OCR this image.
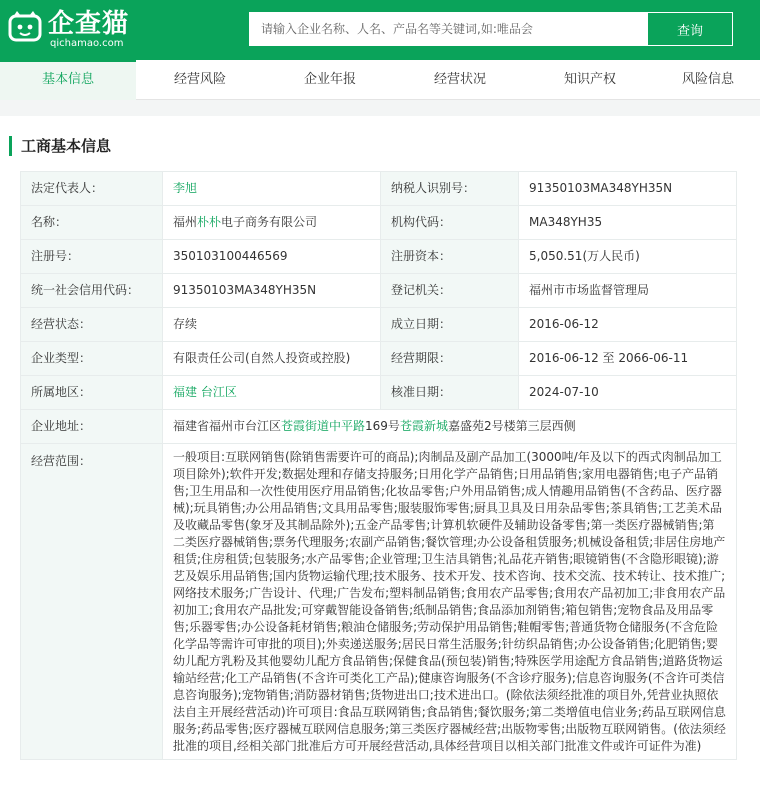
企查猫
qichamao.com
请输入企业名称、人名、产品名等关键词,如:唯品会
查询
基本信息	经营风险	企业年报	经营状况	知识产权	风险信息
工商基本信息
法定代表人：	李旭	纳税人识别号：	91350103MA348YH35N
名称：	福州朴朴电子商务有限公司	机构代码：	MA348YH35
注册号：	350103100446569	注册资本：	5,050.51(万人民币)
统一社会信用代码：	91350103MA348YH35N	登记机关：	福州市市场监督管理局
经营状态：	存续	成立日期：	2016-06-12
企业类型：	有限责任公司(自然人投资或控股)	经营期限：	2016-06-12 至 2066-06-11
所属地区：	福建 台江区	核准日期：	2024-07-10
企业地址：	福建省福州市台江区苍霞街道中平路169号苍霞新城嘉盛苑2号楼第三层西侧		
经营范围：	一般项目:互联网销售(除销售需要许可的商品);肉制品及副产品加工(3000吨/年及以下的西式肉制品加工项目除外);软件开发;数据处理和存储支持服务;日用化学产品销售;日用品销售;家用电器销售;电子产品销售;卫生用品和一次性使用医疗用品销售;化妆品零售;户外用品销售;成人情趣用品销售(不含药品、医疗器械);玩具销售;办公用品销售;文具用品零售;服装服饰零售;厨具卫具及日用杂品零售;茶具销售;工艺美术品及收藏品零售(象牙及其制品除外);五金产品零售;计算机软硬件及辅助设备零售;第一类医疗器械销售;第二类医疗器械销售;票务代理服务;农副产品销售;餐饮管理;办公设备租赁服务;机械设备租赁;非居住房地产租赁;住房租赁;包装服务;水产品零售;企业管理;卫生洁具销售;礼品花卉销售;眼镜销售(不含隐形眼镜);游艺及娱乐用品销售;国内货物运输代理;技术服务、技术开发、技术咨询、技术交流、技术转让、技术推广;网络技术服务;广告设计、代理;广告发布;塑料制品销售;食用农产品零售;食用农产品初加工;非食用农产品初加工;食用农产品批发;可穿戴智能设备销售;纸制品销售;食品添加剂销售;箱包销售;宠物食品及用品零售;乐器零售;办公设备耗材销售;粮油仓储服务;劳动保护用品销售;鞋帽零售;普通货物仓储服务(不含危险化学品等需许可审批的项目);外卖递送服务;居民日常生活服务;针纺织品销售;办公设备销售;化肥销售;婴幼儿配方乳粉及其他婴幼儿配方食品销售;保健食品(预包装)销售;特殊医学用途配方食品销售;道路货物运输站经营;化工产品销售(不含许可类化工产品);健康咨询服务(不含诊疗服务);信息咨询服务(不含许可类信息咨询服务);宠物销售;消防器材销售;货物进出口;技术进出口。(除依法须经批准的项目外,凭营业执照依法自主开展经营活动)许可项目:食品互联网销售;食品销售;餐饮服务;第二类增值电信业务;药品互联网信息服务;药品零售;医疗器械互联网信息服务;第三类医疗器械经营;出版物零售;出版物互联网销售。(依法须经批准的项目,经相关部门批准后方可开展经营活动,具体经营项目以相关部门批准文件或许可证件为准)		
